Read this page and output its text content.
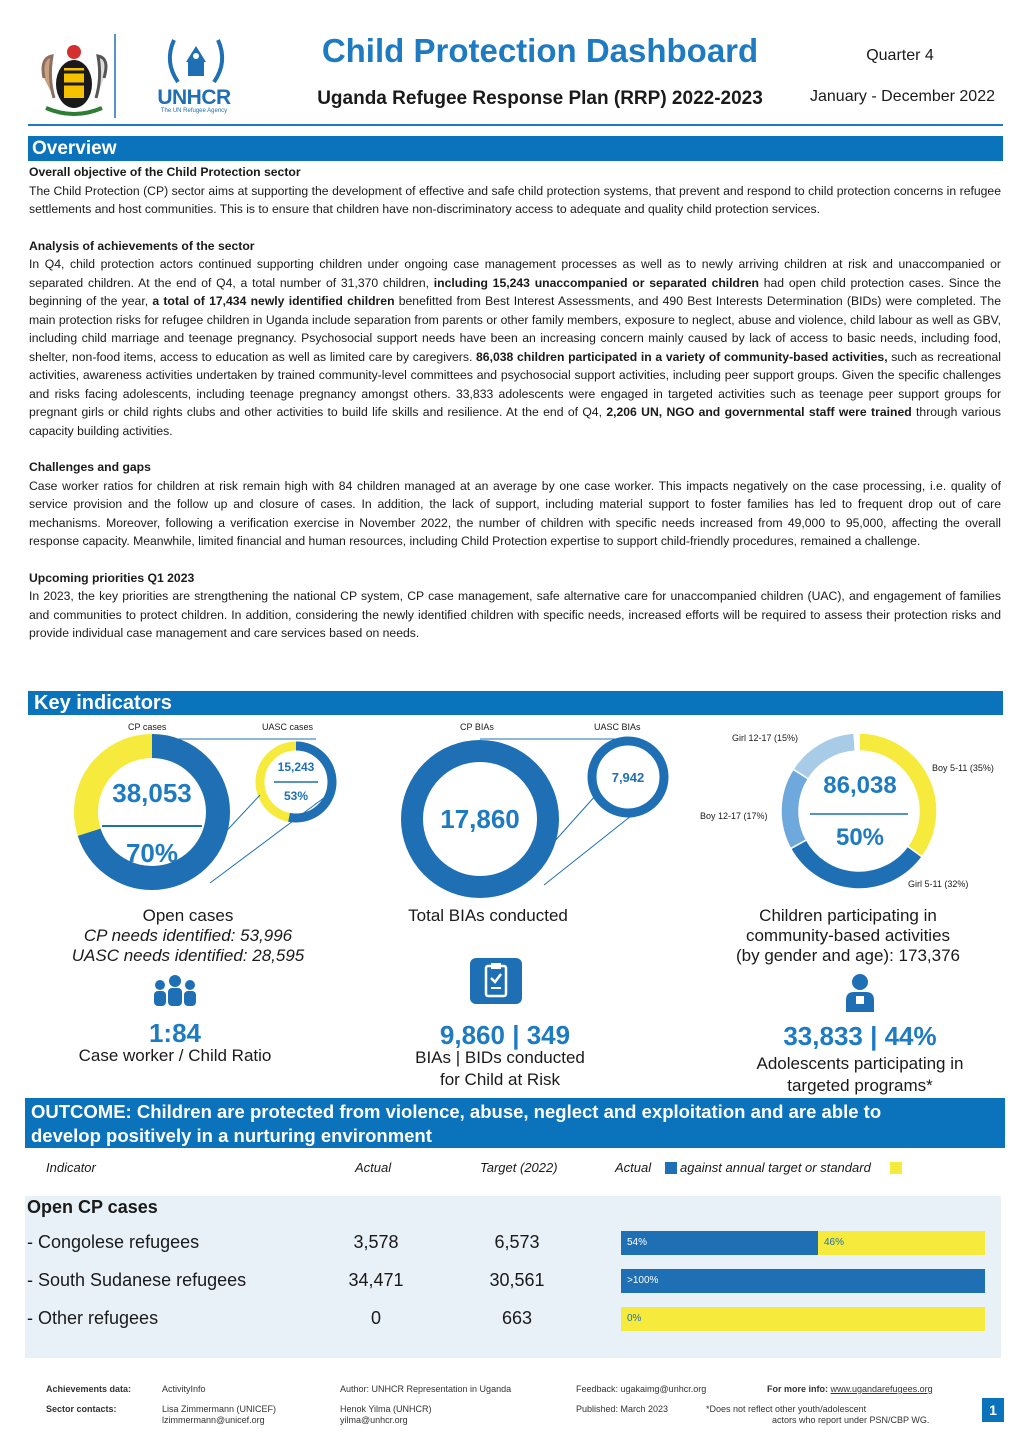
UNHCR
The UN Refugee Agency
Child Protection Dashboard
Uganda Refugee Response Plan (RRP) 2022-2023
Quarter 4
January - December 2022
Overview
Overall objective of the Child Protection sector

The Child Protection (CP) sector aims at supporting the development of effective and safe child protection systems, that prevent and respond to child protection concerns in refugee settlements and host communities. This is to ensure that children have non-discriminatory access to adequate and quality child protection services.

Analysis of achievements of the sector

In Q4, child protection actors continued supporting children under ongoing case management processes as well as to newly arriving children at risk and unaccompanied or separated children. At the end of Q4, a total number of 31,370 children, including 15,243 unaccompanied or separated children had open child protection cases. Since the beginning of the year, a total of 17,434 newly identified children benefitted from Best Interest Assessments, and 490 Best Interests Determination (BIDs) were completed. The main protection risks for refugee children in Uganda include separation from parents or other family members, exposure to neglect, abuse and violence, child labour as well as GBV, including child marriage and teenage pregnancy. Psychosocial support needs have been an increasing concern mainly caused by lack of access to basic needs, including food, shelter, non-food items, access to education as well as limited care by caregivers. 86,038 children participated in a variety of community-based activities, such as recreational activities, awareness activities undertaken by trained community-level committees and psychosocial support activities, including peer support groups. Given the specific challenges and risks facing adolescents, including teenage pregnancy amongst others. 33,833 adolescents were engaged in targeted activities such as teenage peer support groups for pregnant girls or child rights clubs and other activities to build life skills and resilience. At the end of Q4, 2,206 UN, NGO and governmental staff were trained through various capacity building activities.

Challenges and gaps

Case worker ratios for children at risk remain high with 84 children managed at an average by one case worker. This impacts negatively on the case processing, i.e. quality of service provision and the follow up and closure of cases. In addition, the lack of support, including material support to foster families has led to frequent drop out of care mechanisms. Moreover, following a verification exercise in November 2022, the number of children with specific needs increased from 49,000 to 95,000, affecting the overall response capacity. Meanwhile, limited financial and human resources, including Child Protection expertise to support child-friendly procedures, remained a challenge.

Upcoming priorities Q1 2023

In 2023, the key priorities are strengthening the national CP system, CP case management, safe alternative care for unaccompanied children (UAC), and engagement of families and communities to protect children. In addition, considering the newly identified children with specific needs, increased efforts will be required to assess their protection risks and provide individual case management and care services based on needs.

Key indicators
CP cases	UASC cases
38,053
70%
15,243
53%
Open cases
CP needs identified: 53,996
UASC needs identified: 28,595
CP BIAs	UASC BIAs
17,860
7,942
Total BIAs conducted
86,038
50%
Girl 12-17 (15%)
Boy 5-11 (35%)
Boy 12-17 (17%)
Girl 5-11 (32%)
Children participating in
community-based activities
(by gender and age): 173,376
1:84
Case worker / Child Ratio
9,860 | 349
BIAs | BIDs conducted
for Child at Risk
33,833 | 44%
Adolescents participating in
targeted programs*
OUTCOME: Children are protected from violence, abuse, neglect and exploitation and are able to
develop positively in a nurturing environment
Indicator	Actual	Target (2022)	Actual against annual target or standard
Open CP cases
- Congolese refugees	3,578	6,573	54%	46%
- South Sudanese refugees	34,471	30,561	>100%
- Other refugees	0	663	0%
Achievements data:	ActivityInfo
Sector contacts:	Lisa Zimmermann (UNICEF)
lzimmermann@unicef.org
Author: UNHCR Representation in Uganda
Henok Yilma (UNHCR)
yilma@unhcr.org
Feedback: ugakaimg@unhcr.org
Published: March 2023
For more info: www.ugandarefugees.org
*Does not reflect other youth/adolescent
actors who report under PSN/CBP WG.
1
